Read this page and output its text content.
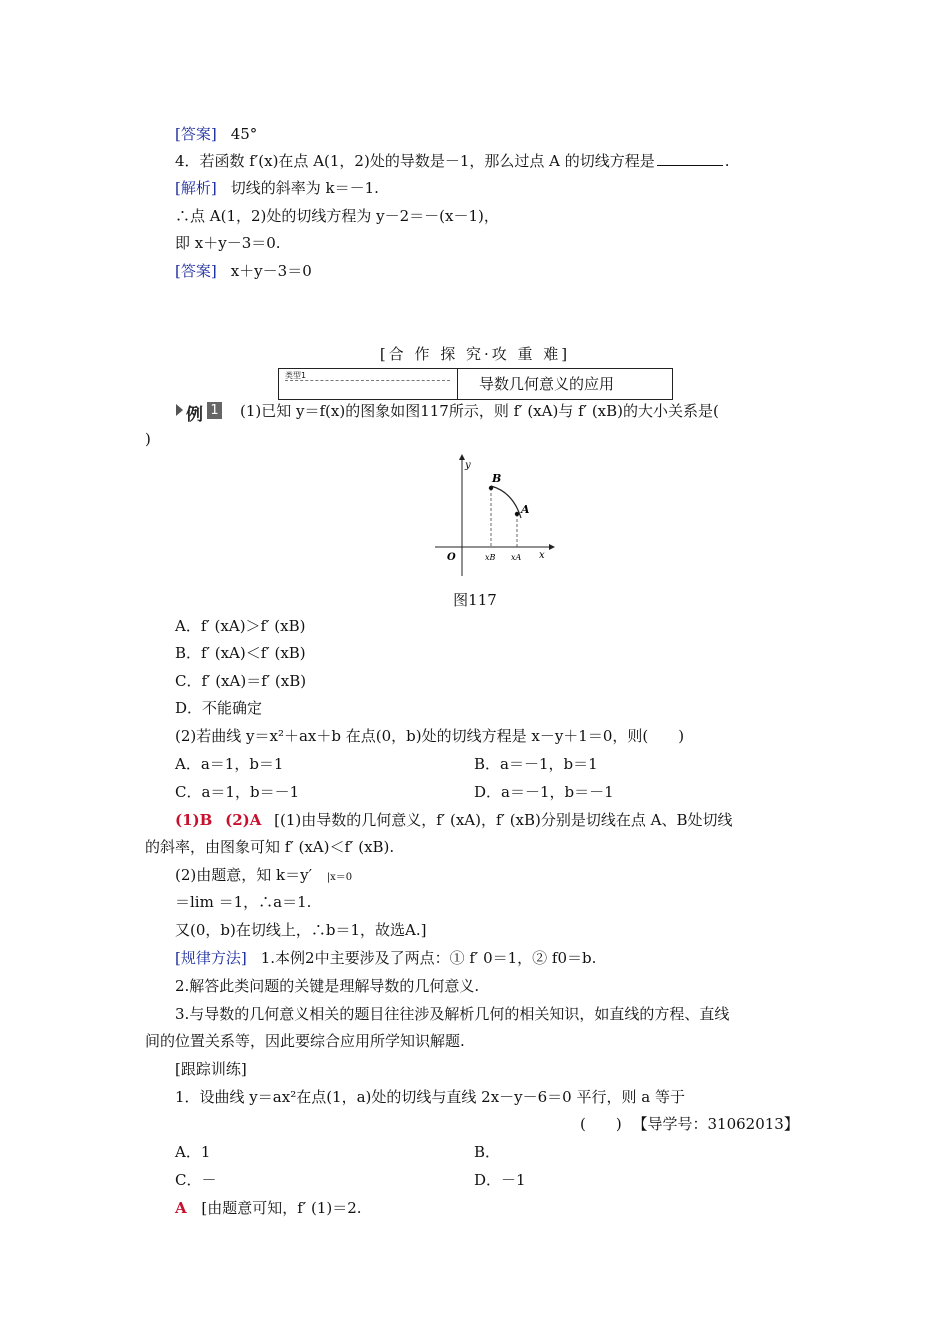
[答案] 45°
4．若函数 f′(x)在点 A(1，2)处的导数是－1，那么过点 A 的切线方程是	.
[解析] 切线的斜率为 k＝－1.
∴点 A(1，2)处的切线方程为 y－2＝－(x－1)，
即 x＋y－3＝0.
[答案] x＋y－3＝0
[合 作 探 究·攻 重 难]
类型1	导数几何意义的应用
例 1 (1)已知 y＝f(x)的图象如图117所示，则 f′ (xA)与 f′ (xB)的大小关系是(
)
B
A
y
x
O	xB xA
图117
A．f′ (xA)＞f′ (xB)
B．f′ (xA)＜f′ (xB)
C．f′ (xA)＝f′ (xB)
D．不能确定
(2)若曲线 y＝x²＋ax＋b 在点(0，b)处的切线方程是 x－y＋1＝0，则(　　)
A．a＝1，b＝1	B．a＝－1，b＝1
C．a＝1，b＝－1	D．a＝－1，b＝－1
(1)B (2)A [(1)由导数的几何意义，f′ (xA)，f′ (xB)分别是切线在点 A、B处切线
的斜率，由图象可知 f′ (xA)＜f′ (xB).
(2)由题意，知 k＝y′ |x＝0
＝lim ＝1，∴a＝1.
又(0，b)在切线上，∴b＝1，故选A.]
[规律方法] 1.本例2中主要涉及了两点：① f′ 0＝1，② f0＝b.
2.解答此类问题的关键是理解导数的几何意义.
3.与导数的几何意义相关的题目往往涉及解析几何的相关知识，如直线的方程、直线
间的位置关系等，因此要综合应用所学知识解题.
[跟踪训练]
1．设曲线 y＝ax²在点(1，a)处的切线与直线 2x－y－6＝0 平行，则 a 等于
(　　) 【导学号：31062013】
A．1	B．
C．－	D．－1
A [由题意可知，f′ (1)＝2.
